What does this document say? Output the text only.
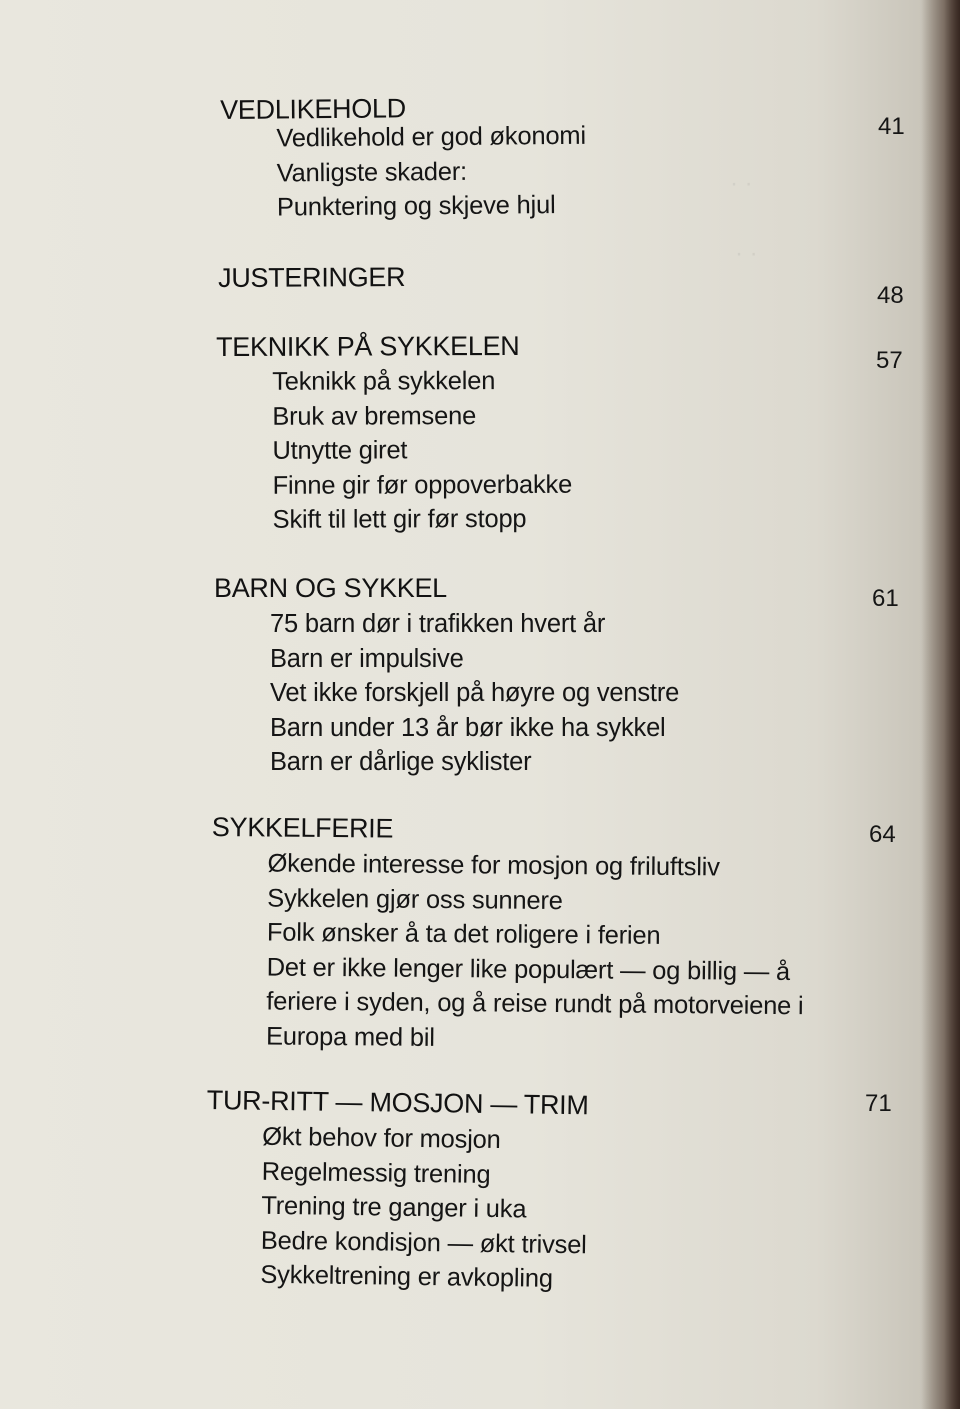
· ·
· ·
VEDLIKEHOLD
Vedlikehold er god økonomi
Vanligste skader:
Punktering og skjeve hjul
41
JUSTERINGER
48
TEKNIKK PÅ SYKKELEN
Teknikk på sykkelen
Bruk av bremsene
Utnytte giret
Finne gir før oppoverbakke
Skift til lett gir før stopp
57
BARN OG SYKKEL
75 barn dør i trafikken hvert år
Barn er impulsive
Vet ikke forskjell på høyre og venstre
Barn under 13 år bør ikke ha sykkel
Barn er dårlige syklister
61
SYKKELFERIE
Økende interesse for mosjon og friluftsliv
Sykkelen gjør oss sunnere
Folk ønsker å ta det roligere i ferien
Det er ikke lenger like populært — og billig — å
feriere i syden, og å reise rundt på motorveiene i
Europa med bil
64
TUR-RITT — MOSJON — TRIM
Økt behov for mosjon
Regelmessig trening
Trening tre ganger i uka
Bedre kondisjon — økt trivsel
Sykkeltrening er avkopling
71
